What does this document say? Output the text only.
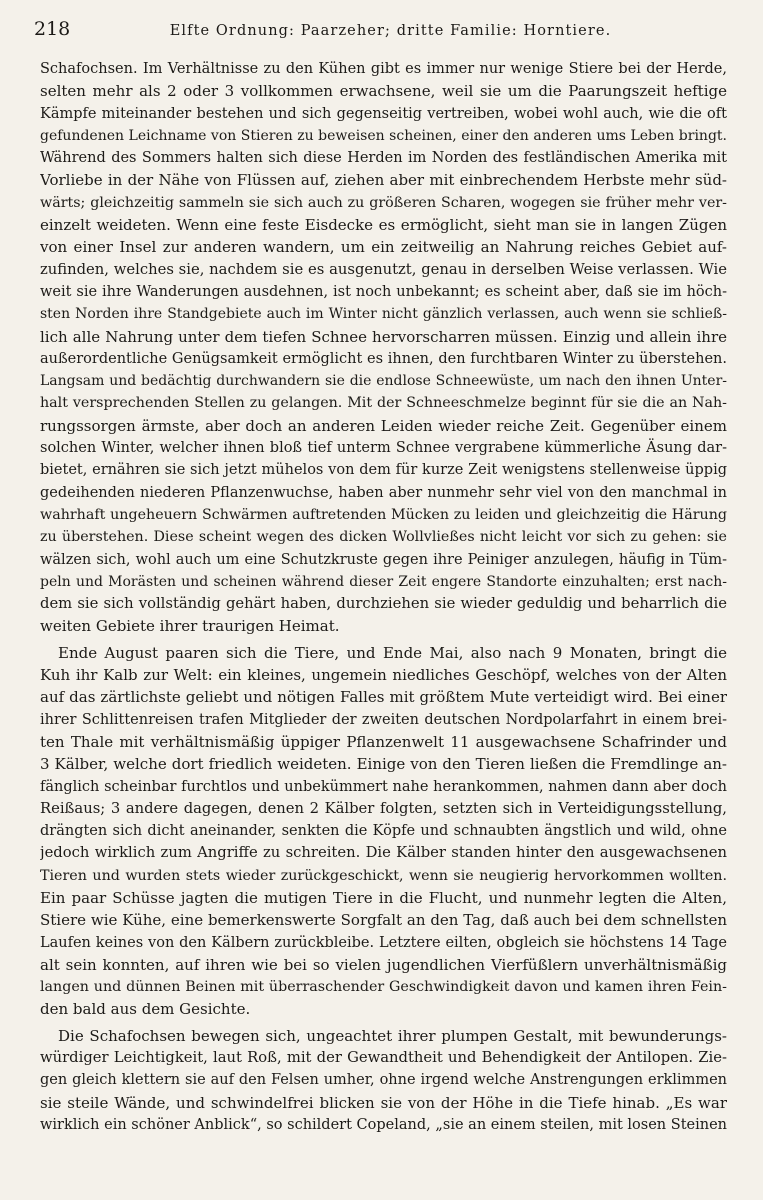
218	Elfte Ordnung: Paarzeher; dritte Familie: Horntiere.
Schafochsen. Im Verhältnisse zu den Kühen gibt es immer nur wenige Stiere bei der Herde,
selten mehr als 2 oder 3 vollkommen erwachsene, weil sie um die Paarungszeit heftige
Kämpfe miteinander bestehen und sich gegenseitig vertreiben, wobei wohl auch, wie die oft
gefundenen Leichname von Stieren zu beweisen scheinen, einer den anderen ums Leben bringt.
Während des Sommers halten sich diese Herden im Norden des festländischen Amerika mit
Vorliebe in der Nähe von Flüssen auf, ziehen aber mit einbrechendem Herbste mehr süd-
wärts; gleichzeitig sammeln sie sich auch zu größeren Scharen, wogegen sie früher mehr ver-
einzelt weideten. Wenn eine feste Eisdecke es ermöglicht, sieht man sie in langen Zügen
von einer Insel zur anderen wandern, um ein zeitweilig an Nahrung reiches Gebiet auf-
zufinden, welches sie, nachdem sie es ausgenutzt, genau in derselben Weise verlassen. Wie
weit sie ihre Wanderungen ausdehnen, ist noch unbekannt; es scheint aber, daß sie im höch-
sten Norden ihre Standgebiete auch im Winter nicht gänzlich verlassen, auch wenn sie schließ-
lich alle Nahrung unter dem tiefen Schnee hervorscharren müssen. Einzig und allein ihre
außerordentliche Genügsamkeit ermöglicht es ihnen, den furchtbaren Winter zu überstehen.
Langsam und bedächtig durchwandern sie die endlose Schneewüste, um nach den ihnen Unter-
halt versprechenden Stellen zu gelangen. Mit der Schneeschmelze beginnt für sie die an Nah-
rungssorgen ärmste, aber doch an anderen Leiden wieder reiche Zeit. Gegenüber einem
solchen Winter, welcher ihnen bloß tief unterm Schnee vergrabene kümmerliche Äsung dar-
bietet, ernähren sie sich jetzt mühelos von dem für kurze Zeit wenigstens stellenweise üppig
gedeihenden niederen Pflanzenwuchse, haben aber nunmehr sehr viel von den manchmal in
wahrhaft ungeheuern Schwärmen auftretenden Mücken zu leiden und gleichzeitig die Härung
zu überstehen. Diese scheint wegen des dicken Wollvließes nicht leicht vor sich zu gehen: sie
wälzen sich, wohl auch um eine Schutzkruste gegen ihre Peiniger anzulegen, häufig in Tüm-
peln und Morästen und scheinen während dieser Zeit engere Standorte einzuhalten; erst nach-
dem sie sich vollständig gehärt haben, durchziehen sie wieder geduldig und beharrlich die
weiten Gebiete ihrer traurigen Heimat.
Ende August paaren sich die Tiere, und Ende Mai, also nach 9 Monaten, bringt die
Kuh ihr Kalb zur Welt: ein kleines, ungemein niedliches Geschöpf, welches von der Alten
auf das zärtlichste geliebt und nötigen Falles mit größtem Mute verteidigt wird. Bei einer
ihrer Schlittenreisen trafen Mitglieder der zweiten deutschen Nordpolarfahrt in einem brei-
ten Thale mit verhältnismäßig üppiger Pflanzenwelt 11 ausgewachsene Schafrinder und
3 Kälber, welche dort friedlich weideten. Einige von den Tieren ließen die Fremdlinge an-
fänglich scheinbar furchtlos und unbekümmert nahe herankommen, nahmen dann aber doch
Reißaus; 3 andere dagegen, denen 2 Kälber folgten, setzten sich in Verteidigungsstellung,
drängten sich dicht aneinander, senkten die Köpfe und schnaubten ängstlich und wild, ohne
jedoch wirklich zum Angriffe zu schreiten. Die Kälber standen hinter den ausgewachsenen
Tieren und wurden stets wieder zurückgeschickt, wenn sie neugierig hervorkommen wollten.
Ein paar Schüsse jagten die mutigen Tiere in die Flucht, und nunmehr legten die Alten,
Stiere wie Kühe, eine bemerkenswerte Sorgfalt an den Tag, daß auch bei dem schnellsten
Laufen keines von den Kälbern zurückbleibe. Letztere eilten, obgleich sie höchstens 14 Tage
alt sein konnten, auf ihren wie bei so vielen jugendlichen Vierfüßlern unverhältnismäßig
langen und dünnen Beinen mit überraschender Geschwindigkeit davon und kamen ihren Fein-
den bald aus dem Gesichte.
Die Schafochsen bewegen sich, ungeachtet ihrer plumpen Gestalt, mit bewunderungs-
würdiger Leichtigkeit, laut Roß, mit der Gewandtheit und Behendigkeit der Antilopen. Zie-
gen gleich klettern sie auf den Felsen umher, ohne irgend welche Anstrengungen erklimmen
sie steile Wände, und schwindelfrei blicken sie von der Höhe in die Tiefe hinab. „Es war
wirklich ein schöner Anblick“, so schildert Copeland, „sie an einem steilen, mit losen Steinen
